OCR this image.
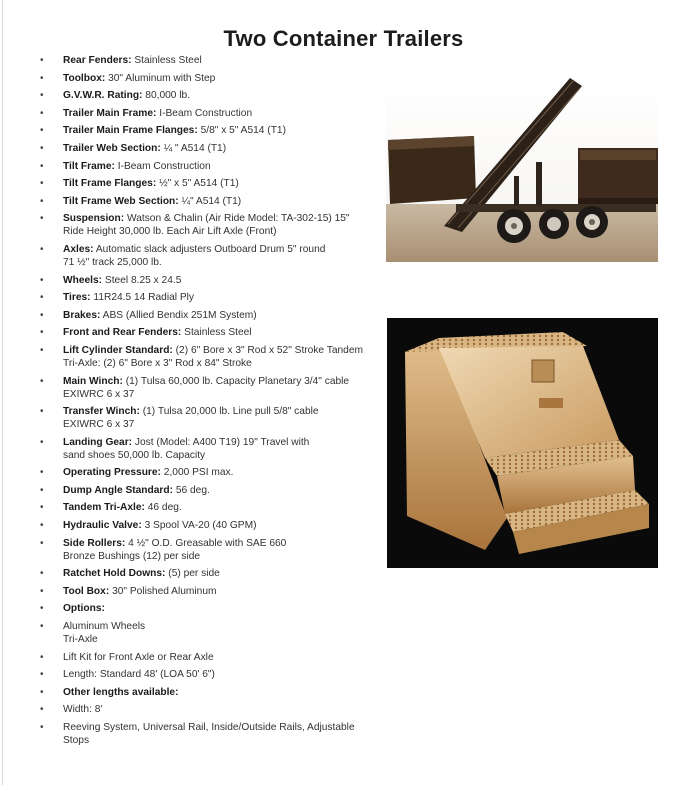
Two Container Trailers
• Rear Fenders: Stainless Steel
• Toolbox: 30" Aluminum with Step
• G.V.W.R. Rating: 80,000 lb.
• Trailer Main Frame: I-Beam Construction
• Trailer Main Frame Flanges: 5/8" x 5" A514 (T1)
• Trailer Web Section: ¼ " A514 (T1)
• Tilt Frame: I-Beam Construction
• Tilt Frame Flanges: ½" x 5" A514 (T1)
• Tilt Frame Web Section: ¼" A514 (T1)
• Suspension: Watson & Chalin (Air Ride Model: TA-302-15) 15"
Ride Height 30,000 lb. Each Air Lift Axle (Front)
• Axles: Automatic slack adjusters Outboard Drum 5" round
71 ½" track 25,000 lb.
• Wheels: Steel 8.25 x 24.5
• Tires: 11R24.5 14 Radial Ply
• Brakes: ABS (Allied Bendix 251M System)
• Front and Rear Fenders: Stainless Steel
• Lift Cylinder Standard: (2) 6" Bore x 3" Rod x 52" Stroke Tandem
Tri-Axle: (2) 6" Bore x 3" Rod x 84" Stroke
• Main Winch: (1) Tulsa 60,000 lb. Capacity Planetary 3/4" cable
EXIWRC 6 x 37
• Transfer Winch: (1) Tulsa 20,000 lb. Line pull 5/8" cable
EXIWRC 6 x 37
• Landing Gear: Jost (Model: A400 T19) 19" Travel with
sand shoes 50,000 lb. Capacity
• Operating Pressure: 2,000 PSI max.
• Dump Angle Standard: 56 deg.
• Tandem Tri-Axle: 46 deg.
• Hydraulic Valve: 3 Spool VA-20 (40 GPM)
• Side Rollers: 4 ½" O.D. Greasable with SAE 660
Bronze Bushings (12) per side
• Ratchet Hold Downs: (5) per side
• Tool Box: 30" Polished Aluminum
• Options:
• Aluminum Wheels
Tri-Axle
• Lift Kit for Front Axle or Rear Axle
• Length: Standard 48' (LOA 50' 6")
• Other lengths available:
• Width: 8'
• Reeving System, Universal Rail, Inside/Outside Rails, Adjustable Stops
